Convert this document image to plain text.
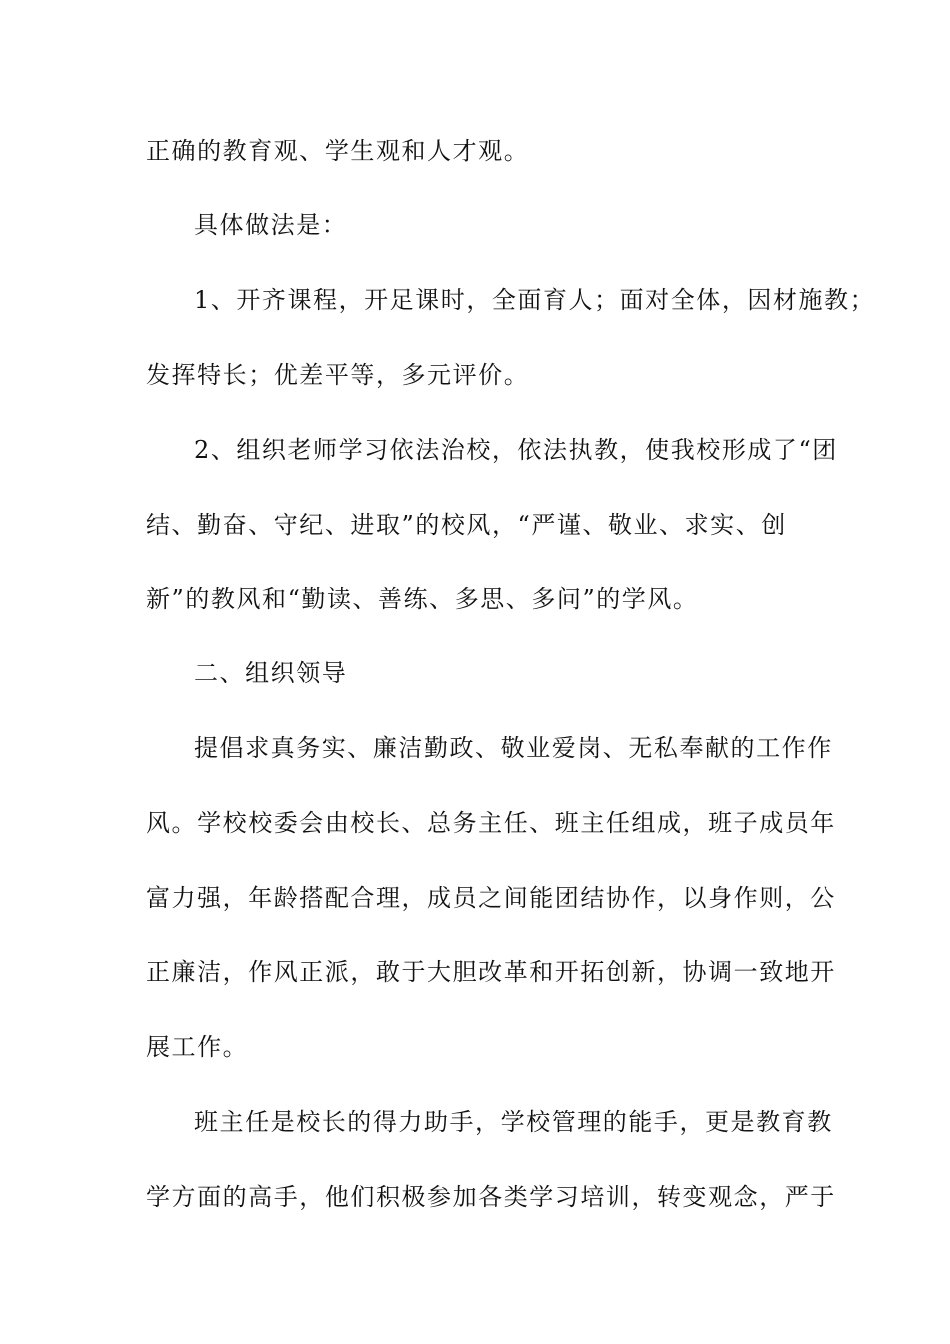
正确的教育观、学生观和人才观。
具体做法是：
1、开齐课程，开足课时，全面育人；面对全体，因材施教；
发挥特长；优差平等，多元评价。
2、组织老师学习依法治校，依法执教，使我校形成了“团
结、勤奋、守纪、进取”的校风，“严谨、敬业、求实、创
新”的教风和“勤读、善练、多思、多问”的学风。
二、组织领导
提倡求真务实、廉洁勤政、敬业爱岗、无私奉献的工作作
风。学校校委会由校长、总务主任、班主任组成，班子成员年
富力强，年龄搭配合理，成员之间能团结协作，以身作则，公
正廉洁，作风正派，敢于大胆改革和开拓创新，协调一致地开
展工作。
班主任是校长的得力助手，学校管理的能手，更是教育教
学方面的高手，他们积极参加各类学习培训，转变观念，严于
